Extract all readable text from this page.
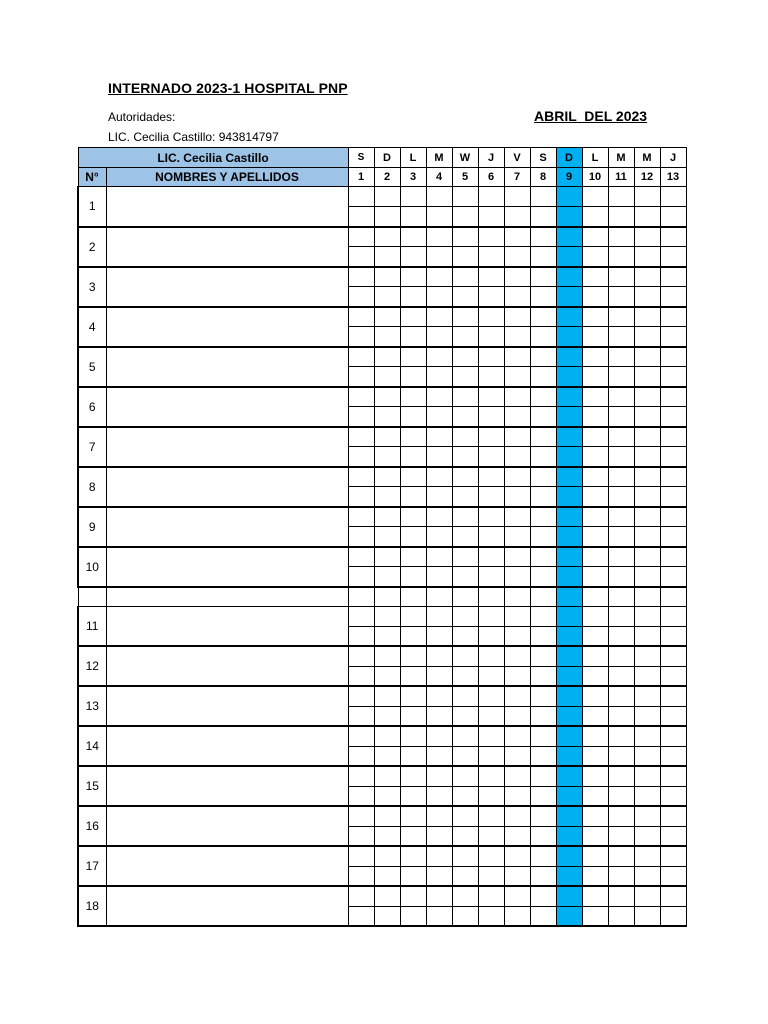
INTERNADO 2023-1 HOSPITAL PNP
Autoridades:
LIC. Cecilia Castillo: 943814797
ABRIL  DEL 2023
LIC. Cecilia Castillo		S	D	L	M	W	J	V	S	D	L	M	M	J
N°	NOMBRES Y APELLIDOS	1	2	3	4	5	6	7	8	9	10	11	12	13
1														

2														

3														

4														

5														

6														

7														

8														

9														

10														

11														

12														

13														

14														

15														

16														

17														

18														
